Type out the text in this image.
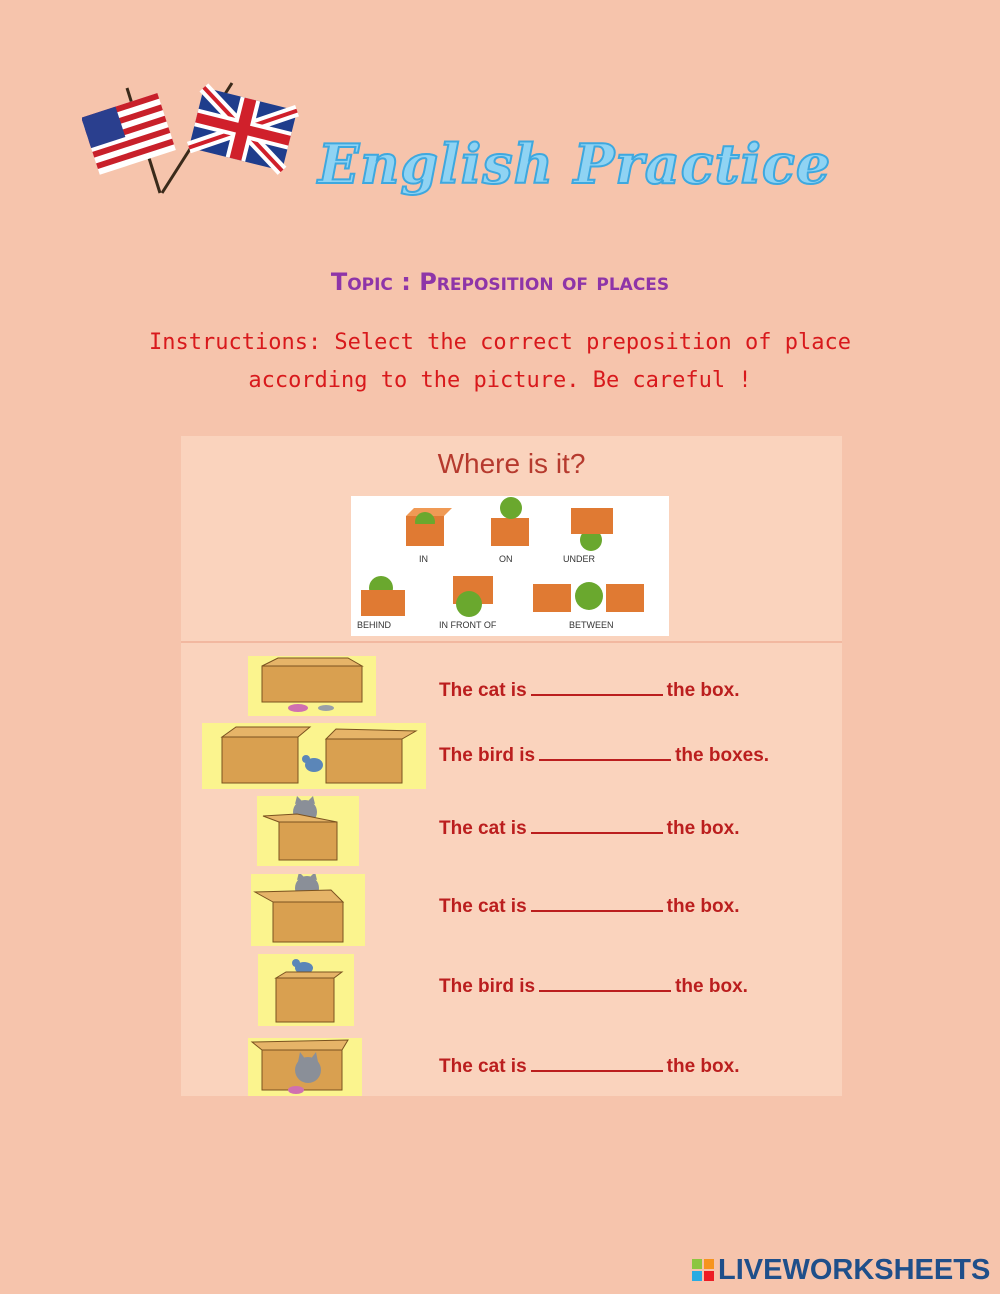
English Practice
Topic : Preposition of places
Instructions: Select the correct preposition of place
according to the picture. Be careful !
Where is it?
IN	ON	UNDER
BEHIND	IN FRONT OF	BETWEEN
The cat is	the box.
The bird is	the boxes.
The cat is	the box.
The cat is	the box.
The bird is	the box.
The cat is	the box.
LIVEWORKSHEETS
